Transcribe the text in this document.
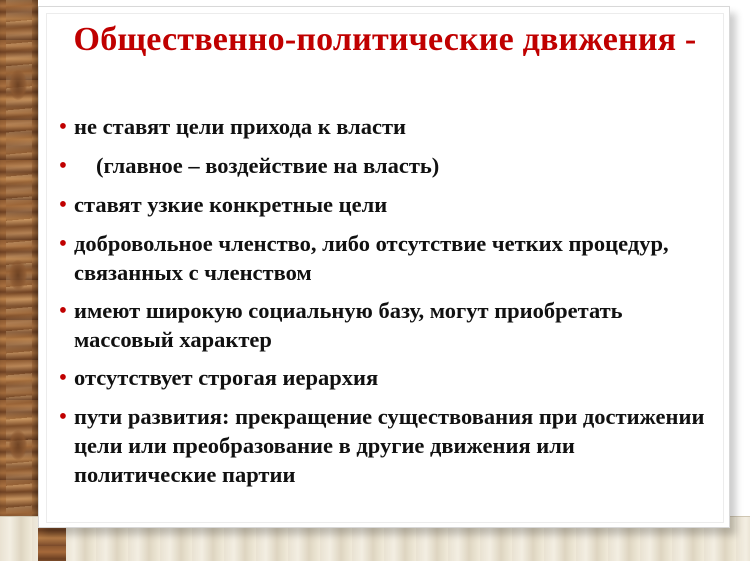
Общественно-политические движения -
• не ставят цели прихода к власти
•	(главное – воздействие на власть)
• ставят узкие конкретные цели
• добровольное членство, либо отсутствие четких процедур, связанных с членством
• имеют широкую социальную базу, могут приобретать массовый характер
• отсутствует строгая иерархия
• пути развития: прекращение существования при достижении цели или преобразование в другие движения или политические партии
